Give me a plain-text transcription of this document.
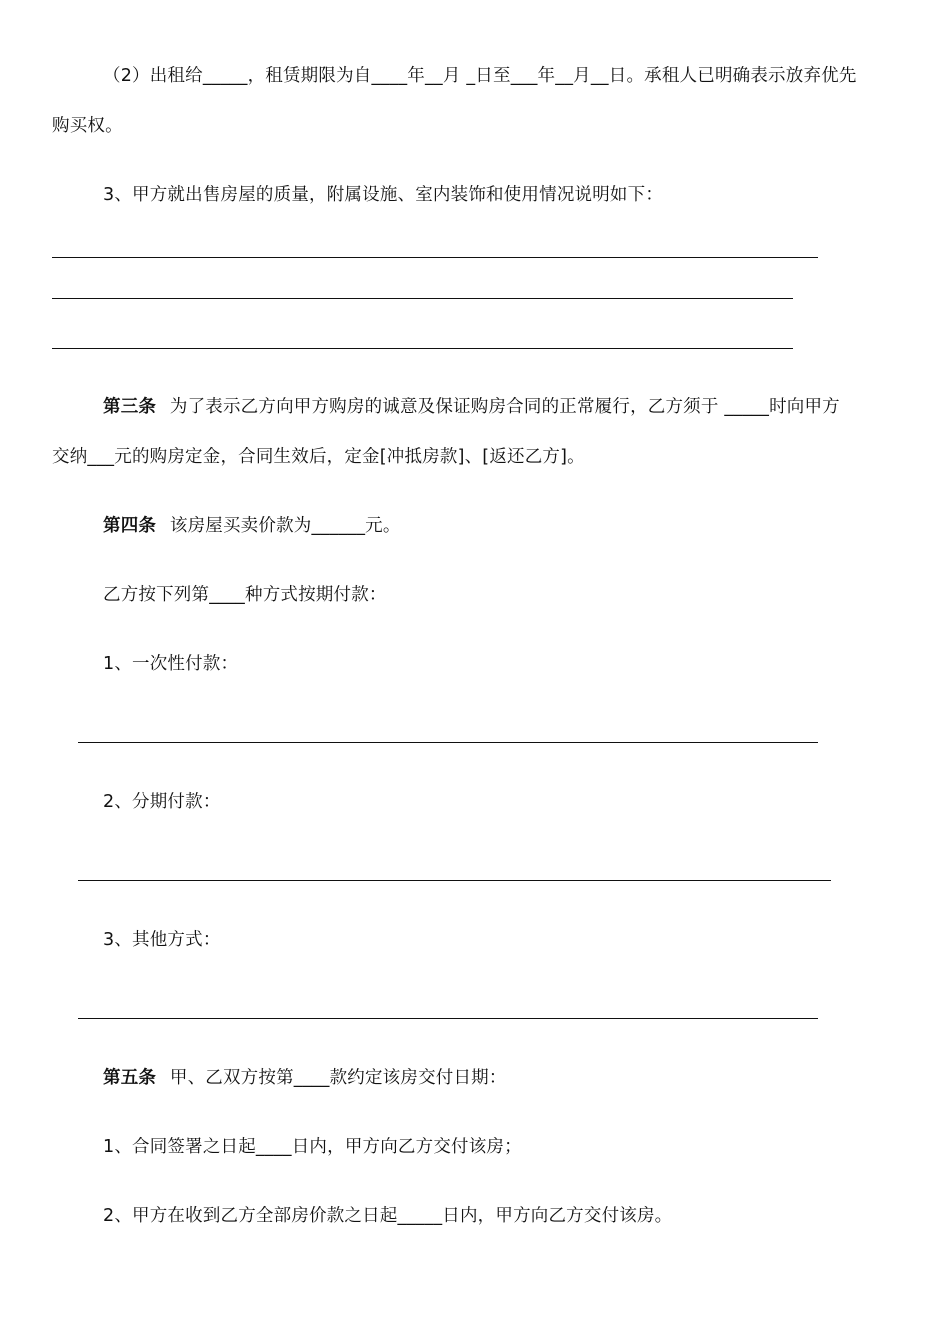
（2）出租给_____，租赁期限为自____年__月 _日至___年__月__日。承租人已明确表示放弃优先
购买权。
3、甲方就出售房屋的质量，附属设施、室内装饰和使用情况说明如下：
第三条 为了表示乙方向甲方购房的诚意及保证购房合同的正常履行，乙方须于 _____时向甲方
交纳___元的购房定金，合同生效后，定金[冲抵房款]、[返还乙方]。
第四条 该房屋买卖价款为______元。
乙方按下列第____种方式按期付款：
1、一次性付款：
2、分期付款：
3、其他方式：
第五条 甲、乙双方按第____款约定该房交付日期：
1、合同签署之日起____日内，甲方向乙方交付该房；
2、甲方在收到乙方全部房价款之日起_____日内，甲方向乙方交付该房。
